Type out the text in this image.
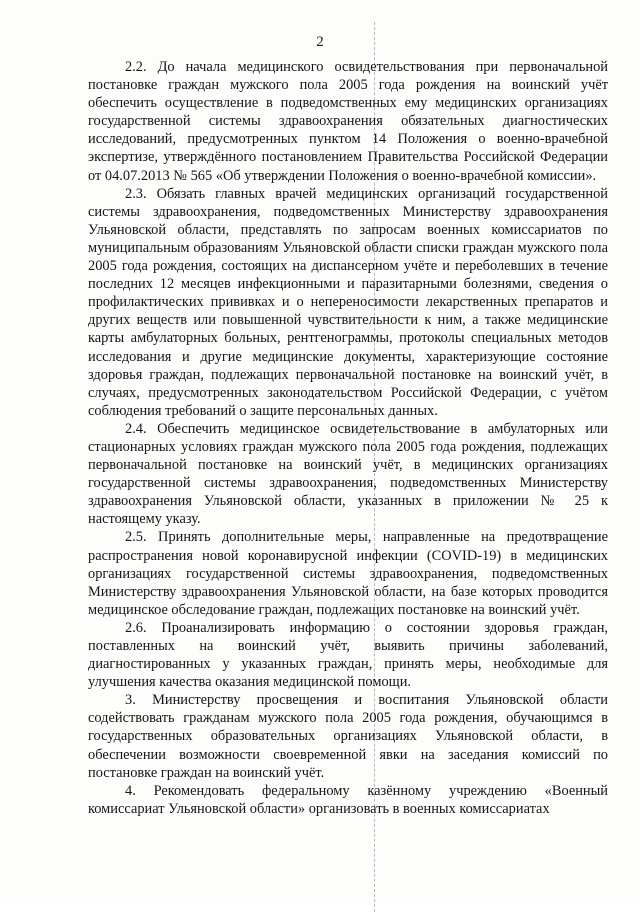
2

2.2. До начала медицинского освидетельствования при первоначальной постановке граждан мужского пола 2005 года рождения на воинский учёт обеспечить осуществление в подведомственных ему медицинских организациях государственной системы здравоохранения обязательных диагностических исследований, предусмотренных пунктом 14 Положения о военно-врачебной экспертизе, утверждённого постановлением Правительства Российской Федерации от 04.07.2013 № 565 «Об утверждении Положения о военно-врачебной комиссии».

2.3. Обязать главных врачей медицинских организаций государственной системы здравоохранения, подведомственных Министерству здравоохранения Ульяновской области, представлять по запросам военных комиссариатов по муниципальным образованиям Ульяновской области списки граждан мужского пола 2005 года рождения, состоящих на диспансерном учёте и переболевших в течение последних 12 месяцев инфекционными и паразитарными болезнями, сведения о профилактических прививках и о непереносимости лекарственных препаратов и других веществ или повышенной чувствительности к ним, а также медицинские карты амбулаторных больных, рентгенограммы, протоколы специальных методов исследования и другие медицинские документы, характеризующие состояние здоровья граждан, подлежащих первоначальной постановке на воинский учёт, в случаях, предусмотренных законодательством Российской Федерации, с учётом соблюдения требований о защите персональных данных.

2.4. Обеспечить медицинское освидетельствование в амбулаторных или стационарных условиях граждан мужского пола 2005 года рождения, подлежащих первоначальной постановке на воинский учёт, в медицинских организациях государственной системы здравоохранения, подведомственных Министерству здравоохранения Ульяновской области, указанных в приложении № 25 к настоящему указу.

2.5. Принять дополнительные меры, направленные на предотвращение распространения новой коронавирусной инфекции (COVID-19) в медицинских организациях государственной системы здравоохранения, подведомственных Министерству здравоохранения Ульяновской области, на базе которых проводится медицинское обследование граждан, подлежащих постановке на воинский учёт.

2.6. Проанализировать информацию о состоянии здоровья граждан, поставленных на воинский учёт, выявить причины заболеваний, диагностированных у указанных граждан, принять меры, необходимые для улучшения качества оказания медицинской помощи.

3. Министерству просвещения и воспитания Ульяновской области содействовать гражданам мужского пола 2005 года рождения, обучающимся в государственных образовательных организациях Ульяновской области, в обеспечении возможности своевременной явки на заседания комиссий по постановке граждан на воинский учёт.

4. Рекомендовать федеральному казённому учреждению «Военный комиссариат Ульяновской области» организовать в военных комиссариатах
